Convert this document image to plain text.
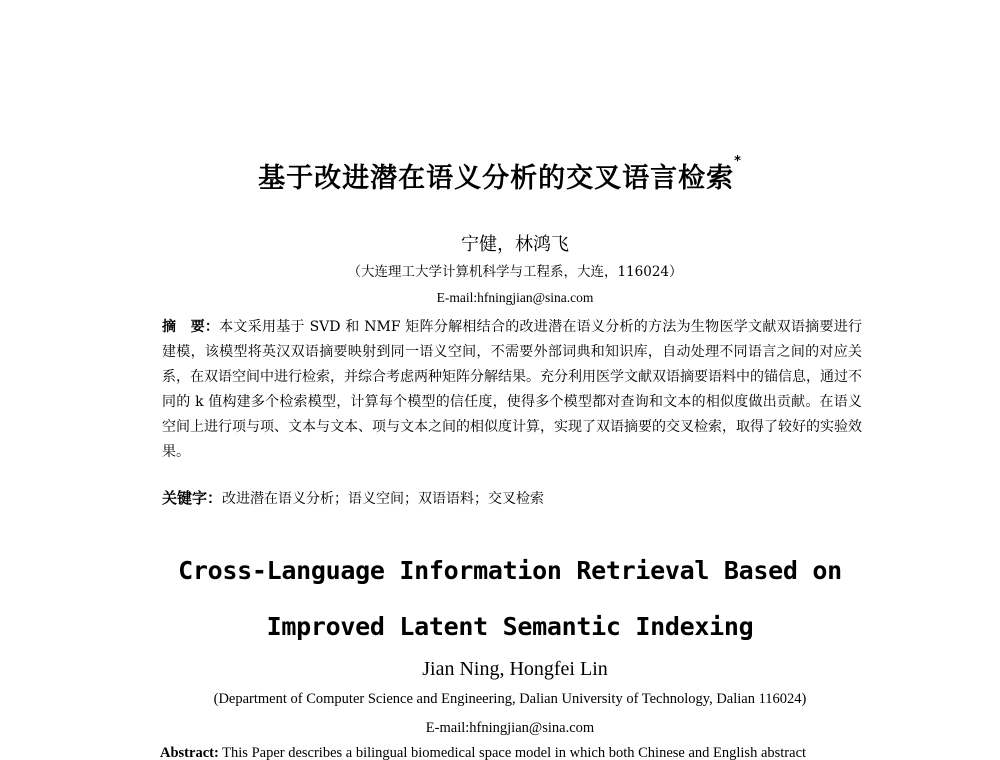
基于改进潜在语义分析的交叉语言检索*
宁健，林鸿飞
（大连理工大学计算机科学与工程系，大连，116024）
E-mail:hfningjian@sina.com
摘　要：本文采用基于 SVD 和 NMF 矩阵分解相结合的改进潜在语义分析的方法为生物医学文献双语摘要进行建模，该模型将英汉双语摘要映射到同一语义空间，不需要外部词典和知识库，自动处理不同语言之间的对应关系，在双语空间中进行检索，并综合考虑两种矩阵分解结果。充分利用医学文献双语摘要语料中的锚信息，通过不同的 k 值构建多个检索模型，计算每个模型的信任度，使得多个模型都对查询和文本的相似度做出贡献。在语义空间上进行项与项、文本与文本、项与文本之间的相似度计算，实现了双语摘要的交叉检索，取得了较好的实验效果。
关键字：改进潜在语义分析；语义空间；双语语料；交叉检索
Cross-Language Information Retrieval Based on
Improved Latent Semantic Indexing
Jian Ning, Hongfei Lin
(Department of Computer Science and Engineering, Dalian University of Technology, Dalian 116024)
E-mail:hfningjian@sina.com
Abstract: This Paper describes a bilingual biomedical space model in which both Chinese and English abstract
